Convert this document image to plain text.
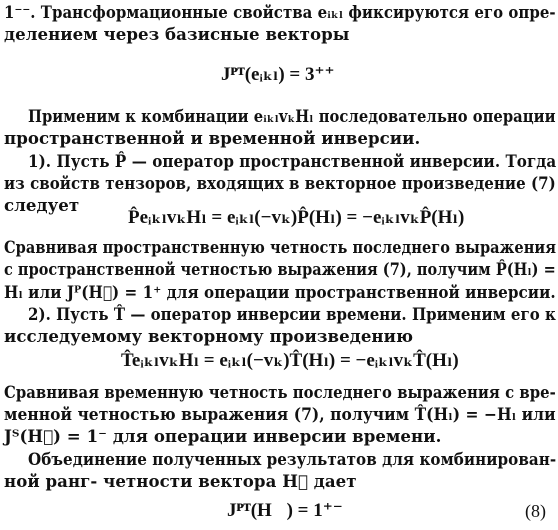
1⁻⁻. Трансформационные свойства eᵢₖₗ фиксируются его опре-
делением через базисные векторы
Jᴾᵀ(eᵢₖₗ) = 3⁺⁺
Применим к комбинации eᵢₖₗvₖHₗ последовательно операции
пространственной и временной инверсии.
1). Пусть P̂ — оператор пространственной инверсии. Тогда
из свойств тензоров, входящих в векторное произведение (7)
следует
P̂eᵢₖₗvₖHₗ = eᵢₖₗ(−vₖ)P̂(Hₗ) = −eᵢₖₗvₖP̂(Hₗ)
Сравнивая пространственную четность последнего выражения
с пространственной четностью выражения (7), получим P̂(Hₗ) =
Hₗ или Jᴾ(H⃗) = 1⁺ для операции пространственной инверсии.
2). Пусть T̂ — оператор инверсии времени. Применим его к
исследуемому векторному произведению
T̂eᵢₖₗvₖHₗ = eᵢₖₗ(−vₖ)T̂(Hₗ) = −eᵢₖₗvₖT̂(Hₗ)
Сравнивая временную четность последнего выражения с вре-
менной четностью выражения (7), получим T̂(Hₗ) = −Hₗ или
Jᵀ(H⃗) = 1⁻ для операции инверсии времени.
Объединение полученных результатов для комбинирован-
ной ранг- четности вектора H⃗ дает
Jᴾᵀ(H⃗) = 1⁺⁻	(8)
